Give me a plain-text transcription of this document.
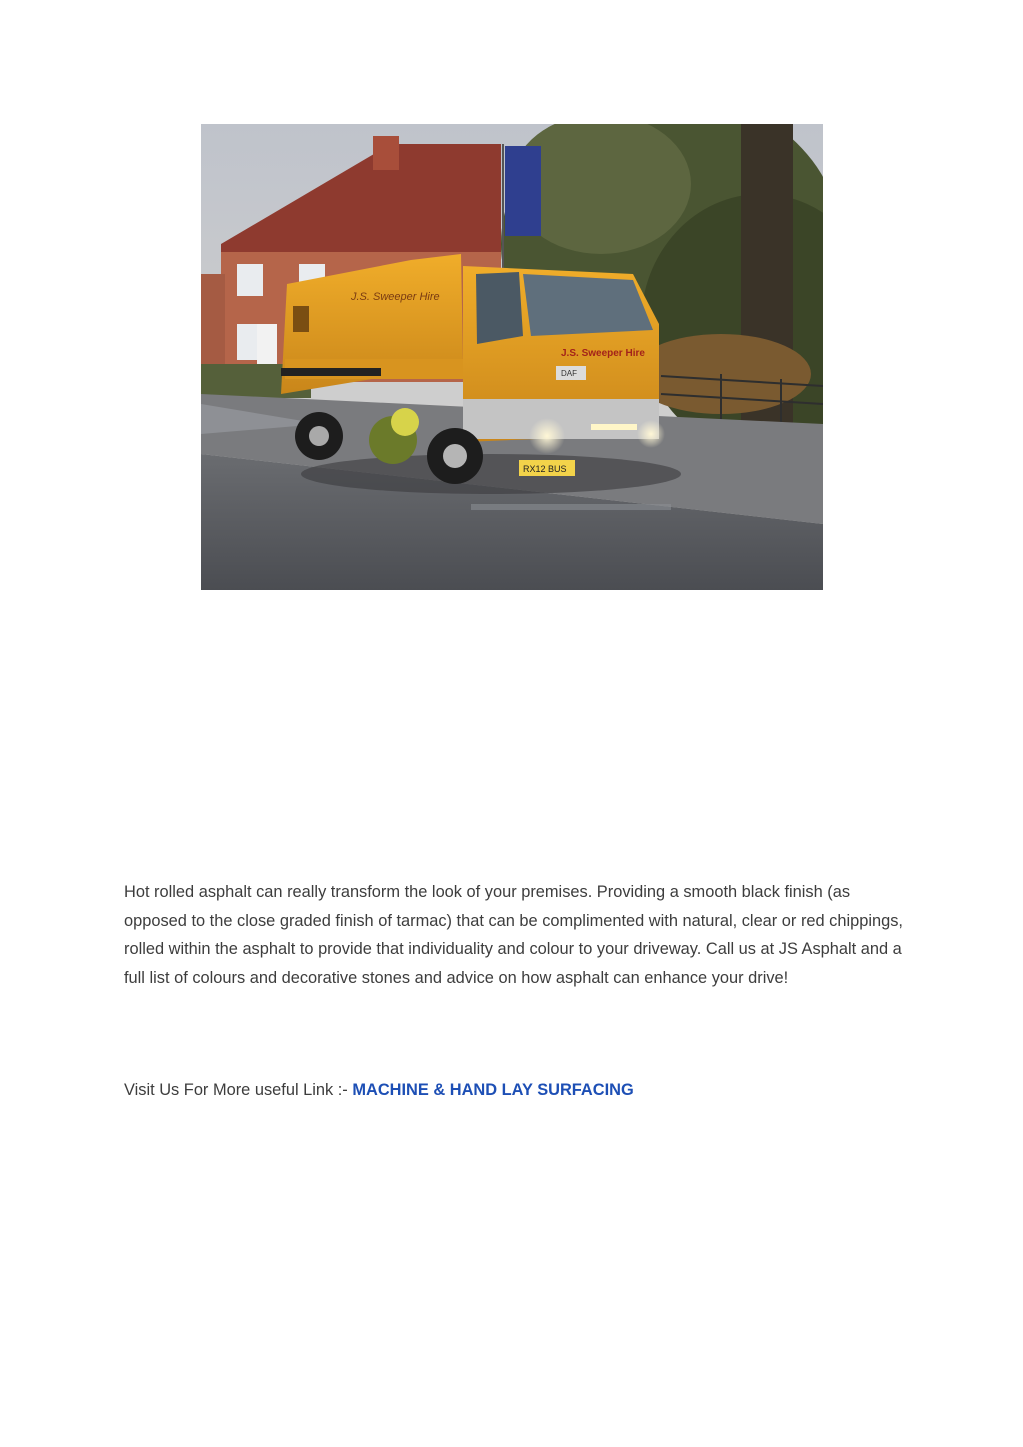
J.S. Sweeper Hire
DAF
J.S. Sweeper Hire
RX12 BUS

Hot rolled asphalt can really transform the look of your premises. Providing a smooth black finish (as opposed to the close graded finish of tarmac) that can be complimented with natural, clear or red chippings, rolled within the asphalt to provide that individuality and colour to your driveway. Call us at JS Asphalt and a full list of colours and decorative stones and advice on how asphalt can enhance your drive!

Visit Us For More useful Link :- MACHINE & HAND LAY SURFACING
